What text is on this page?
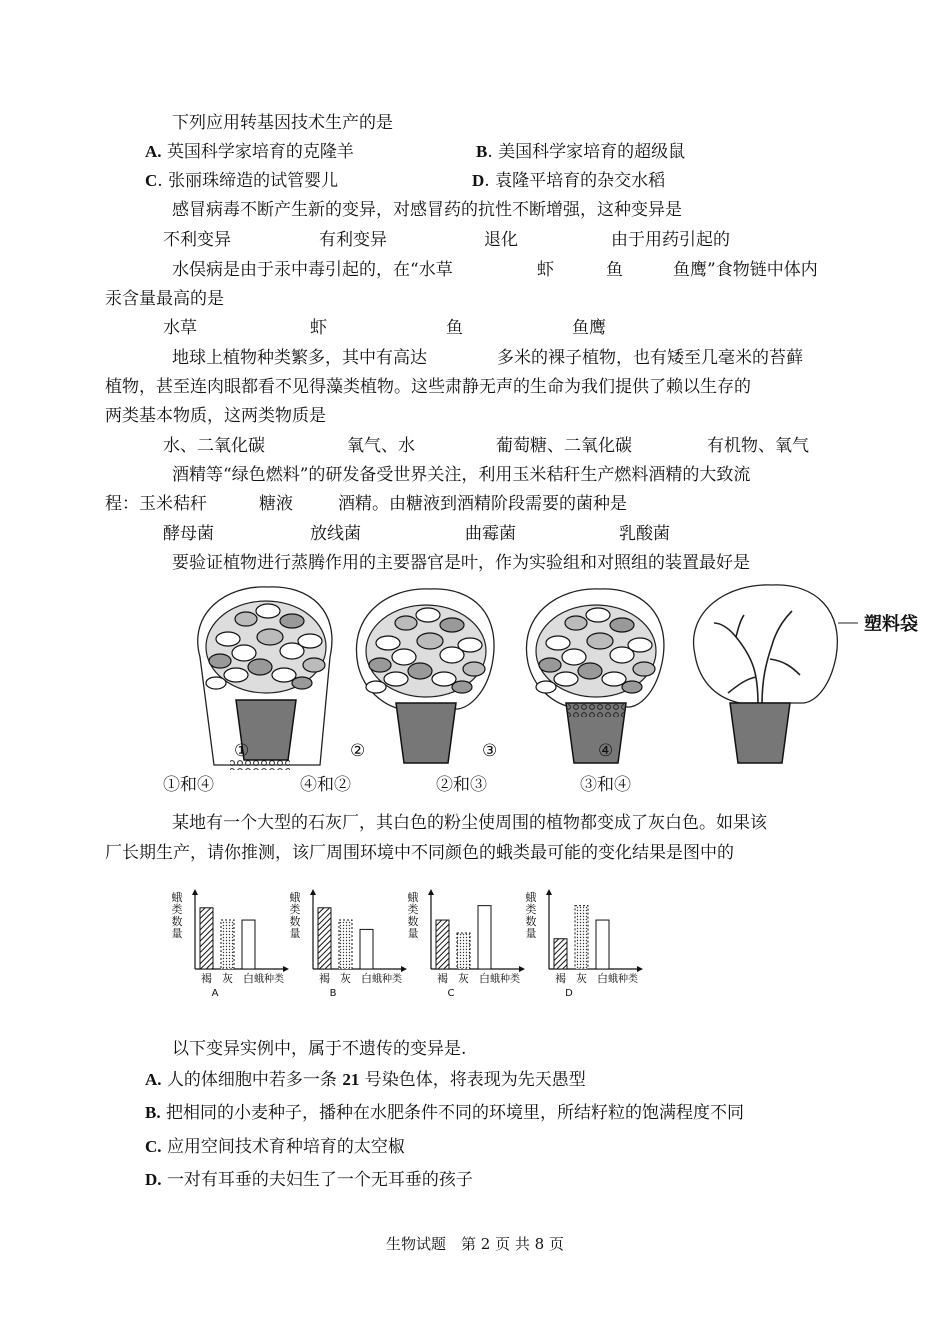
下列应用转基因技术生产的是
A. 英国科学家培育的克隆羊	B. 美国科学家培育的超级鼠
C. 张丽珠缔造的试管婴儿	D. 袁隆平培育的杂交水稻
感冒病毒不断产生新的变异，对感冒药的抗性不断增强，这种变异是
不利变异	有利变异	退化	由于用药引起的
水俣病是由于汞中毒引起的，在“水草	虾	鱼	鱼鹰”食物链中体内
汞含量最高的是
水草	虾	鱼	鱼鹰
地球上植物种类繁多，其中有高达	多米的裸子植物，也有矮至几毫米的苔藓
植物，甚至连肉眼都看不见得藻类植物。这些肃静无声的生命为我们提供了赖以生存的
两类基本物质，这两类物质是
水、二氧化碳	氧气、水	葡萄糖、二氧化碳	有机物、氧气
酒精等“绿色燃料”的研发备受世界关注，利用玉米秸秆生产燃料酒精的大致流
程：玉米秸秆	糖液	酒精。由糖液到酒精阶段需要的菌种是
酵母菌	放线菌	曲霉菌	乳酸菌
要验证植物进行蒸腾作用的主要器官是叶，作为实验组和对照组的装置最好是
塑料袋
①	②	③	④
①和④	④和②	②和③	③和④
某地有一个大型的石灰厂，其白色的粉尘使周围的植物都变成了灰白色。如果该
厂长期生产，请你推测，该厂周围环境中不同颜色的蛾类最可能的变化结果是图中的
蛾
类
数
量
褐 灰 白 蛾种类
A
蛾
类
数
量
褐 灰 白 蛾种类
B
蛾
类
数
量
褐 灰 白 蛾种类
C
蛾
类
数
量
褐 灰 白 蛾种类
D
以下变异实例中，属于不遗传的变异是.
A. 人的体细胞中若多一条 21 号染色体，将表现为先天愚型
B. 把相同的小麦种子，播种在水肥条件不同的环境里，所结籽粒的饱满程度不同
C. 应用空间技术育种培育的太空椒
D. 一对有耳垂的夫妇生了一个无耳垂的孩子
生物试题　第 2 页 共 8 页
